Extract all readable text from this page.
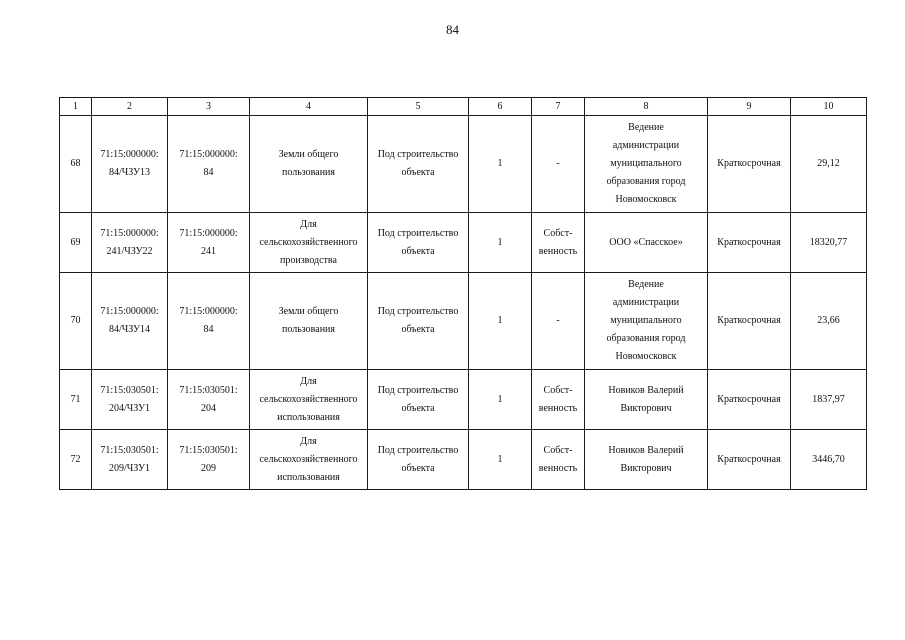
84
1	2	3	4	5	6	7	8	9	10

68	71:15:000000:
84/ЧЗУ13	71:15:000000:
84	Земли общего
пользования	Под строительство
объекта	1	-	Ведение
администрации
муниципального
образования город
Новомосковск	Краткосрочная	29,12

69	71:15:000000:
241/ЧЗУ22	71:15:000000:
241	Для
сельскохозяйственного
производства	Под строительство
объекта	1	Собст-
венность	ООО «Спасское»	Краткосрочная	18320,77

70	71:15:000000:
84/ЧЗУ14	71:15:000000:
84	Земли общего
пользования	Под строительство
объекта	1	-	Ведение
администрации
муниципального
образования город
Новомосковск	Краткосрочная	23,66

71	71:15:030501:
204/ЧЗУ1	71:15:030501:
204	Для
сельскохозяйственного
использования	Под строительство
объекта	1	Собст-
венность	Новиков Валерий
Викторович	Краткосрочная	1837,97

72	71:15:030501:
209/ЧЗУ1	71:15:030501:
209	Для
сельскохозяйственного
использования	Под строительство
объекта	1	Собст-
венность	Новиков Валерий
Викторович	Краткосрочная	3446,70
